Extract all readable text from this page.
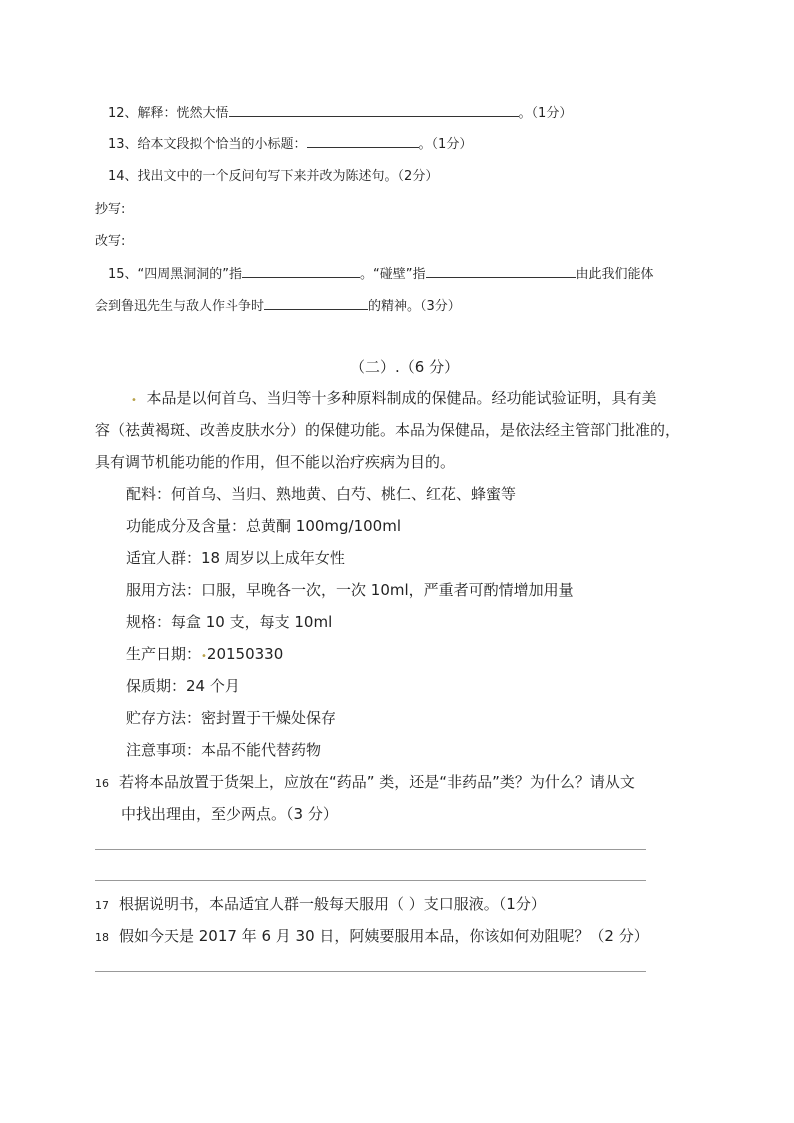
12、解释：恍然大悟	。（1分）
13、给本文段拟个恰当的小标题：	。（1分）
14、找出文中的一个反问句写下来并改为陈述句。（2分）
抄写:
改写:
15、“四周黑洞洞的”指	。“碰壁”指	由此我们能体
会到鲁迅先生与敌人作斗争时	的精神。（3分）
（二）.（6 分）
• 本品是以何首乌、当归等十多种原料制成的保健品。经功能试验证明，具有美
容（祛黄褐斑、改善皮肤水分）的保健功能。本品为保健品，是依法经主管部门批准的，
具有调节机能功能的作用，但不能以治疗疾病为目的。
配料：何首乌、当归、熟地黄、白芍、桃仁、红花、蜂蜜等
功能成分及含量：总黄酮 100mg/100ml
适宜人群：18 周岁以上成年女性
服用方法：口服，早晚各一次，一次 10ml，严重者可酌情增加用量
规格：每盒 10 支，每支 10ml
生产日期：•20150330
保质期：24 个月
贮存方法：密封置于干燥处保存
注意事项：本品不能代替药物
16 若将本品放置于货架上，应放在“药品” 类，还是“非药品”类？为什么？请从文
中找出理由，至少两点。（3 分）
17 根据说明书，本品适宜人群一般每天服用（ ）支口服液。（1分）
18 假如今天是 2017 年 6 月 30 日，阿姨要服用本品，你该如何劝阻呢？（2 分）
